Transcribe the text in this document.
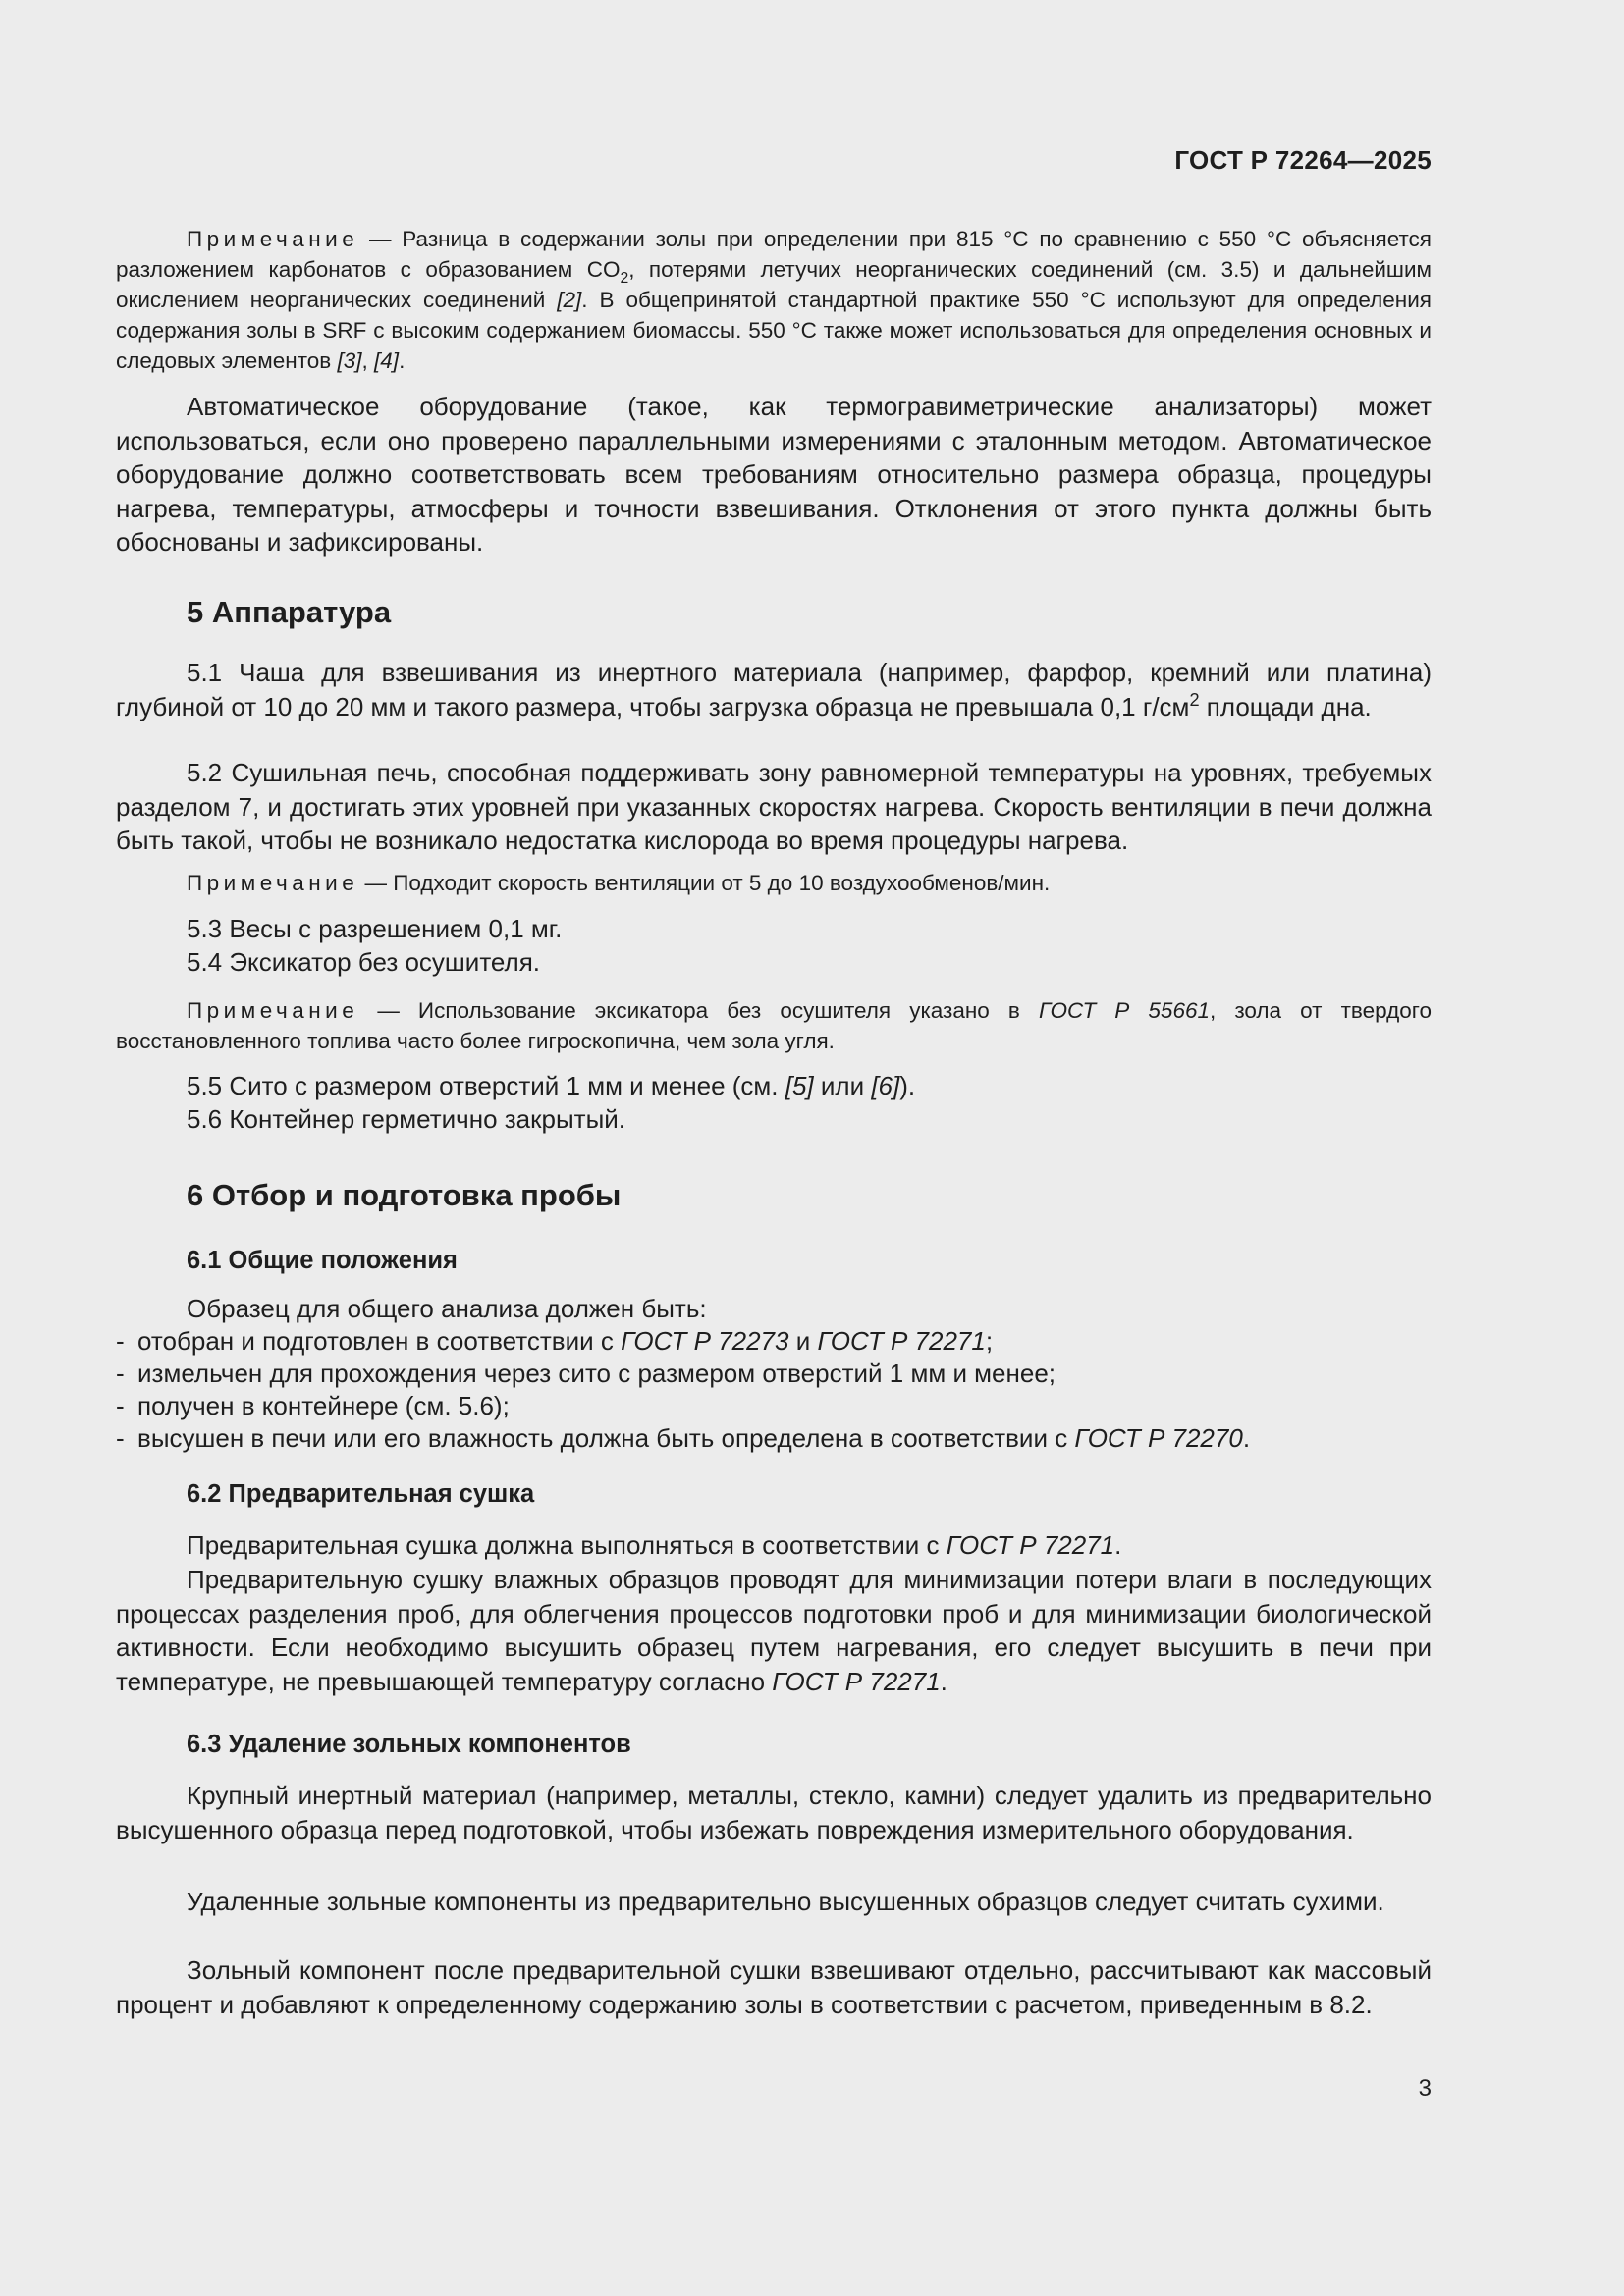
ГОСТ Р 72264—2025

Примечание — Разница в содержании золы при определении при 815 °С по сравнению с 550 °С объясняется разложением карбонатов с образованием $CO_2$, потерями летучих неорганических соединений (см. 3.5) и дальнейшим окислением неорганических соединений [2]. В общепринятой стандартной практике 550 °С используют для определения содержания золы в SRF с высоким содержанием биомассы. 550 °С также может использоваться для определения основных и следовых элементов [3], [4].

Автоматическое оборудование (такое, как термогравиметрические анализаторы) может использоваться, если оно проверено параллельными измерениями с эталонным методом. Автоматическое оборудование должно соответствовать всем требованиям относительно размера образца, процедуры нагрева, температуры, атмосферы и точности взвешивания. Отклонения от этого пункта должны быть обоснованы и зафиксированы.

5 Аппаратура

5.1 Чаша для взвешивания из инертного материала (например, фарфор, кремний или платина) глубиной от 10 до 20 мм и такого размера, чтобы загрузка образца не превышала 0,1 $г/см^2$ площади дна.

5.2 Сушильная печь, способная поддерживать зону равномерной температуры на уровнях, требуемых разделом 7, и достигать этих уровней при указанных скоростях нагрева. Скорость вентиляции в печи должна быть такой, чтобы не возникало недостатка кислорода во время процедуры нагрева.

Примечание — Подходит скорость вентиляции от 5 до 10 воздухообменов/мин.

5.3 Весы с разрешением 0,1 мг.

5.4 Эксикатор без осушителя.

Примечание — Использование эксикатора без осушителя указано в ГОСТ Р 55661, зола от твердого восстановленного топлива часто более гигроскопична, чем зола угля.

5.5 Сито с размером отверстий 1 мм и менее (см. [5] или [6]).

5.6 Контейнер герметично закрытый.

6 Отбор и подготовка пробы
6.1 Общие положения

Образец для общего анализа должен быть:

- отобран и подготовлен в соответствии с ГОСТ Р 72273 и ГОСТ Р 72271;

- измельчен для прохождения через сито с размером отверстий 1 мм и менее;

- получен в контейнере (см. 5.6);

- высушен в печи или его влажность должна быть определена в соответствии с ГОСТ Р 72270.

6.2 Предварительная сушка

Предварительная сушка должна выполняться в соответствии с ГОСТ Р 72271.

Предварительную сушку влажных образцов проводят для минимизации потери влаги в последующих процессах разделения проб, для облегчения процессов подготовки проб и для минимизации биологической активности. Если необходимо высушить образец путем нагревания, его следует высушить в печи при температуре, не превышающей температуру согласно ГОСТ Р 72271.

6.3 Удаление зольных компонентов

Крупный инертный материал (например, металлы, стекло, камни) следует удалить из предварительно высушенного образца перед подготовкой, чтобы избежать повреждения измерительного оборудования.

Удаленные зольные компоненты из предварительно высушенных образцов следует считать сухими.

Зольный компонент после предварительной сушки взвешивают отдельно, рассчитывают как массовый процент и добавляют к определенному содержанию золы в соответствии с расчетом, приведенным в 8.2.

3
